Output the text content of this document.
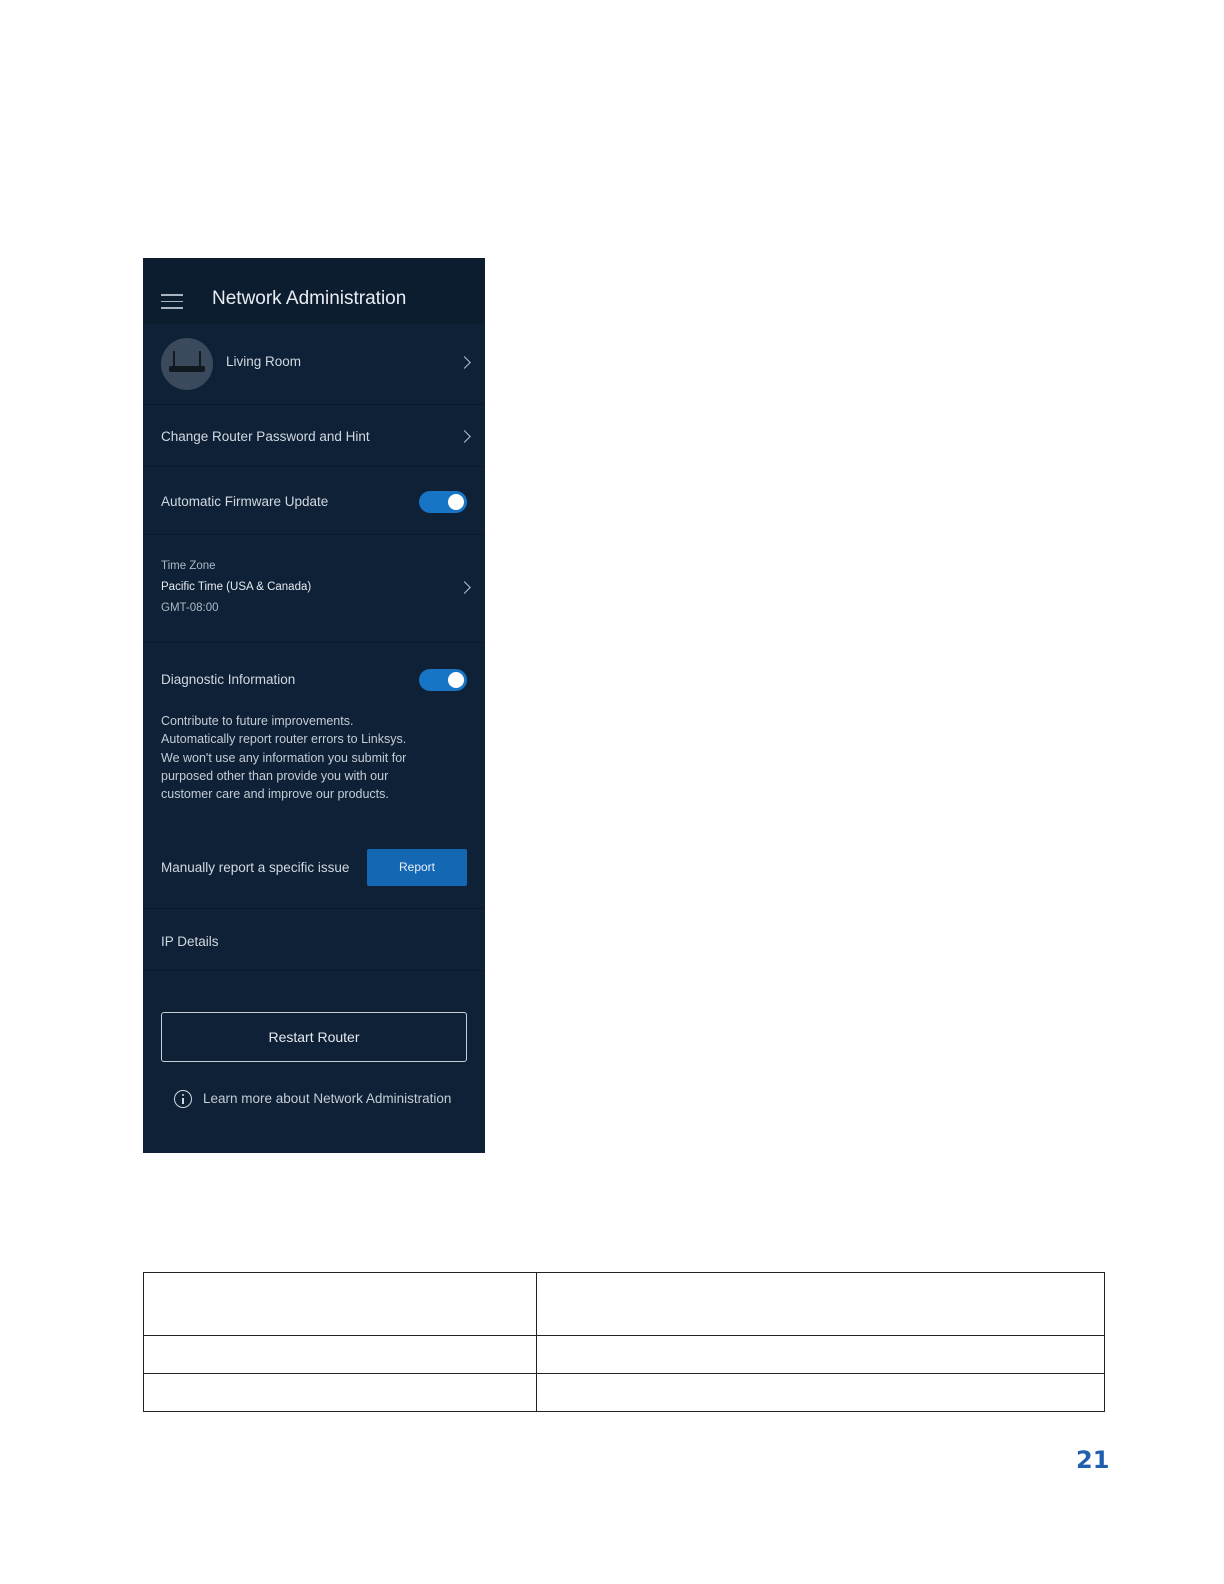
Network Administration
Living Room
Change Router Password and Hint
Automatic Firmware Update
Time Zone
Pacific Time (USA & Canada)
GMT-08:00
Diagnostic Information
Contribute to future improvements.
Automatically report router errors to Linksys.
We won't use any information you submit for
purposed other than provide you with our
customer care and improve our products.
Manually report a specific issue	Report
IP Details
Restart Router
Learn more about Network Administration

21
